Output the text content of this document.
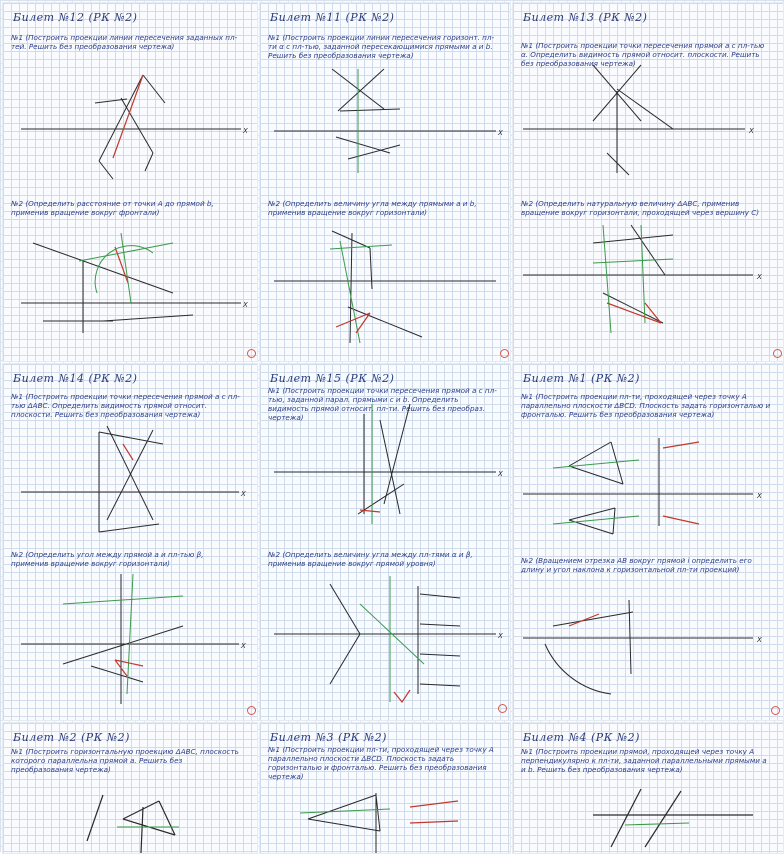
Билет №12 (РК №2)
№1 (Построить проекции линии пересечения заданных пл-тей. Решить без преобразования чертежа)
№2 (Определить расстояние от точки A до прямой b, применив вращение вокруг фронтали)
X
X
Билет №11 (РК №2)
№1 (Построить проекции линии пересечения горизонт. пл-ти α с пл-тью, заданной пересекающимися прямыми a и b. Решить без преобразования чертежа)
№2 (Определить величину угла между прямыми a и b, применив вращение вокруг горизонтали)
X
Билет №13 (РК №2)
№1 (Построить проекции точки пересечения прямой a с пл-тью α. Определить видимость прямой относит. плоскости. Решить без преобразования чертежа)
№2 (Определить натуральную величину ΔABC, применив вращение вокруг горизонтали, проходящей через вершину C)
X
X
Билет №14 (РК №2)
№1 (Построить проекции точки пересечения прямой a с пл-тью ΔABC. Определить видимость прямой относит. плоскости. Решить без преобразования чертежа)
№2 (Определить угол между прямой a и пл-тью β, применив вращение вокруг горизонтали)
X
X
Билет №15 (РК №2)
№1 (Построить проекции точки пересечения прямой a с пл-тью, заданной парал. прямыми c и b. Определить видимость прямой относит. пл-ти. Решить без преобраз. чертежа)
№2 (Определить величину угла между пл-тями α и β, применив вращение вокруг прямой уровня)
X
X
Билет №1 (РК №2)
№1 (Построить проекции пл-ти, проходящей через точку A параллельно плоскости ΔBCD. Плоскость задать горизонталью и фронталью. Решить без преобразования чертежа)
№2 (Вращением отрезка AB вокруг прямой i определить его длину и угол наклона к горизонтальной пл-ти проекций)
X
X
Билет №2 (РК №2)
№1 (Построить горизонтальную проекцию ΔABC, плоскость которого параллельна прямой a. Решить без преобразования чертежа)
Билет №3 (РК №2)
№1 (Построить проекции пл-ти, проходящей через точку A параллельно плоскости ΔBCD. Плоскость задать горизонталью и фронталью. Решить без преобразования чертежа)
Билет №4 (РК №2)
№1 (Построить проекции прямой, проходящей через точку A перпендикулярно к пл-ти, заданной параллельными прямыми a и b. Решить без преобразования чертежа)
